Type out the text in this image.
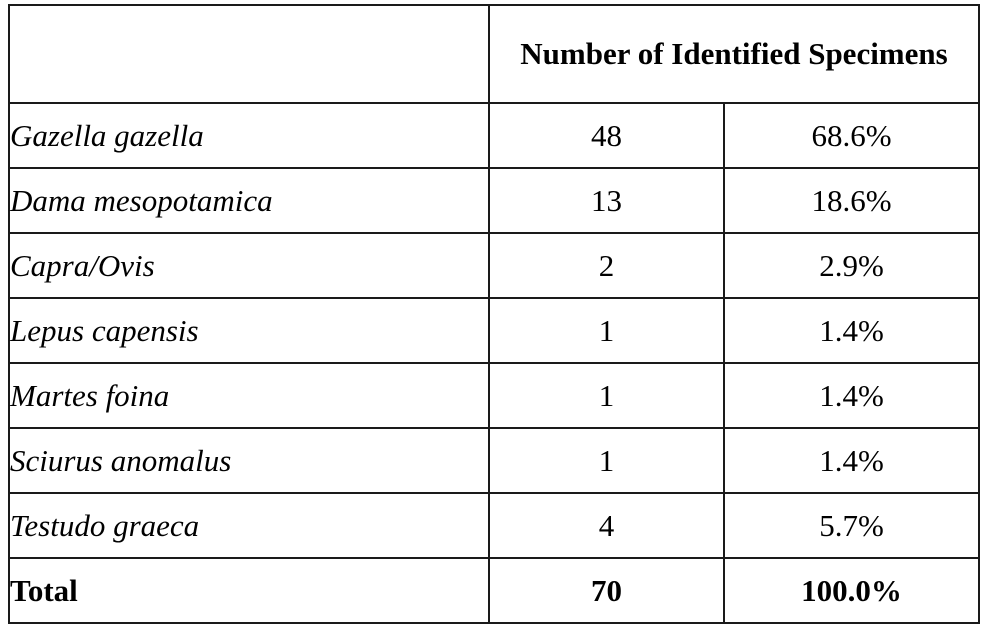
	Number of Identified Specimens	
Gazella gazella	48	68.6%
Dama mesopotamica	13	18.6%
Capra/Ovis	2	2.9%
Lepus capensis	1	1.4%
Martes foina	1	1.4%
Sciurus anomalus	1	1.4%
Testudo graeca	4	5.7%
Total	70	100.0%
